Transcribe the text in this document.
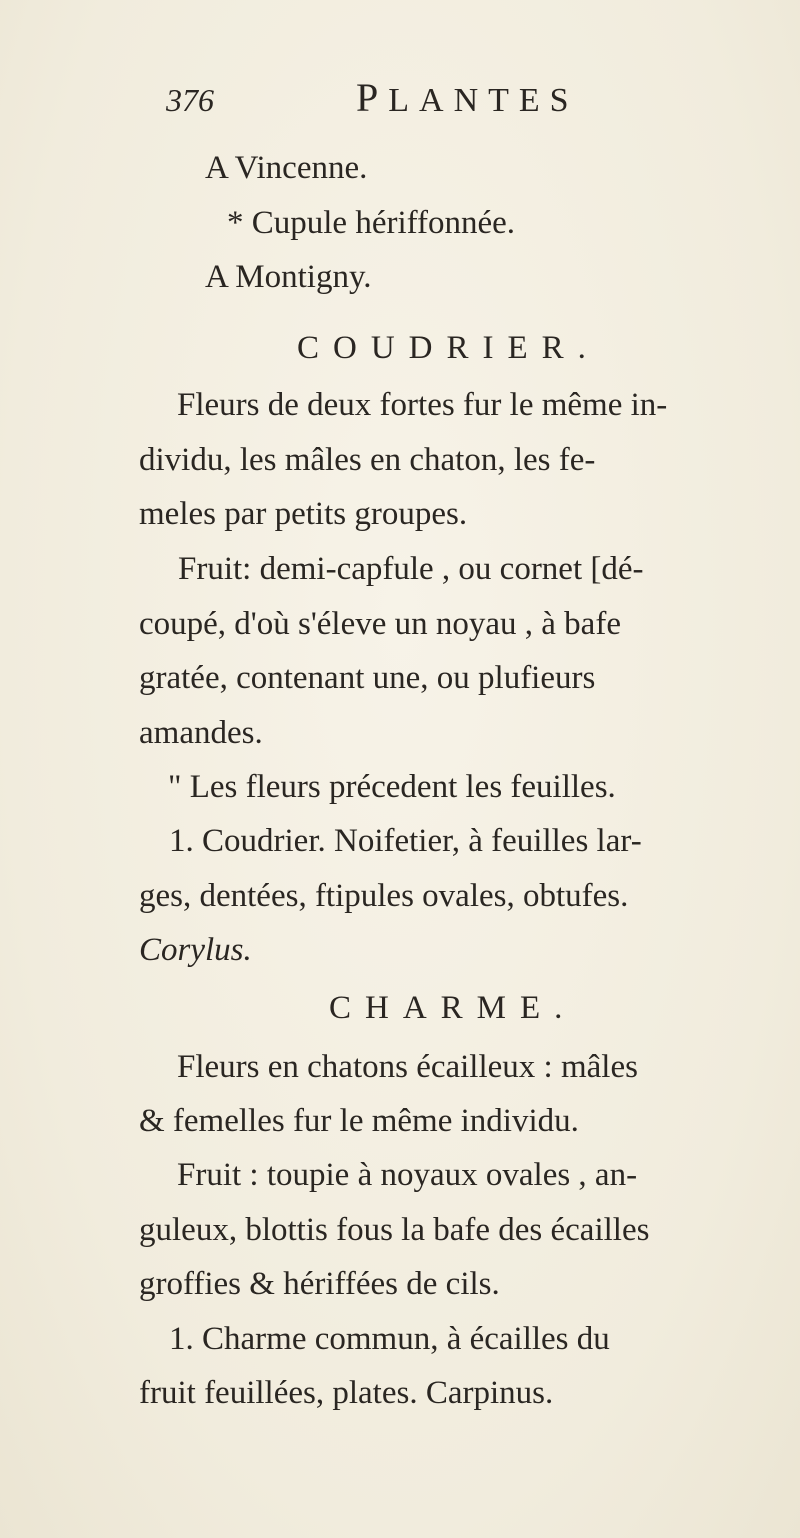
376	PLANTES
A Vincenne.
* Cupule hériffonnée.
A Montigny.
COUDRIER.
Fleurs de deux fortes fur le même in-
dividu, les mâles en chaton, les fe-
meles par petits groupes.
Fruit: demi-capfule , ou cornet [dé-
coupé, d'où s'éleve un noyau , à bafe
gratée, contenant une, ou plufieurs
amandes.
" Les fleurs précedent les feuilles.
1. Coudrier. Noifetier, à feuilles lar-
ges, dentées, ftipules ovales, obtufes.
Corylus.
CHARME.
Fleurs en chatons écailleux : mâles
& femelles fur le même individu.
Fruit : toupie à noyaux ovales , an-
guleux, blottis fous la bafe des écailles
groffies & hériffées de cils.
1. Charme commun, à écailles du
fruit feuillées, plates. Carpinus.
